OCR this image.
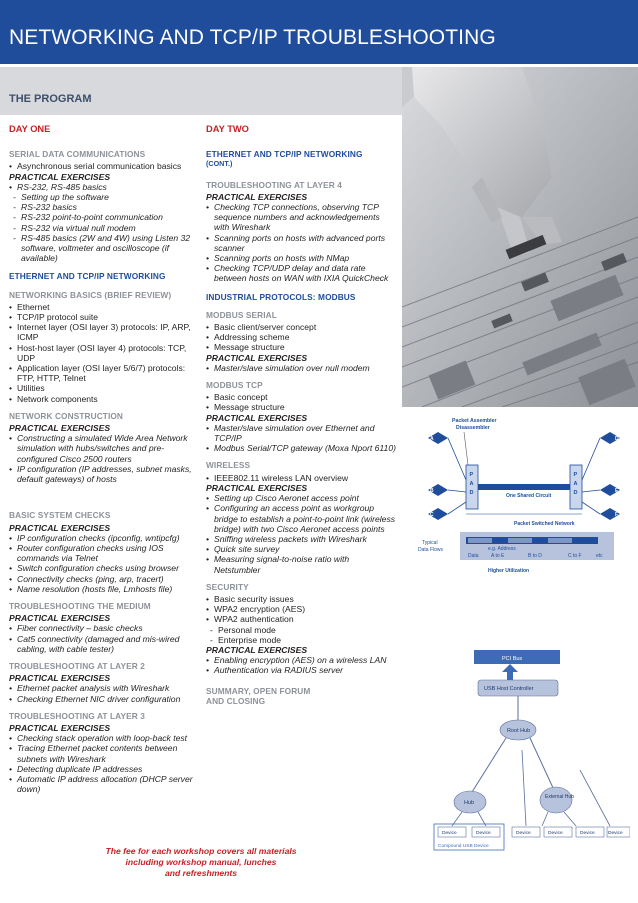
NETWORKING AND TCP/IP TROUBLESHOOTING
THE PROGRAM
DAY ONE
SERIAL DATA COMMUNICATIONS
• Asynchronous serial communication basics
PRACTICAL EXERCISES
• RS-232, RS-485 basics
- Setting up the software
- RS-232 basics
- RS-232 point-to-point communication
- RS-232 via virtual null modem
- RS-485 basics (2W and 4W) using Listen 32 software, voltmeter and oscilloscope (if available)
ETHERNET AND TCP/IP NETWORKING
NETWORKING BASICS (BRIEF REVIEW)
• Ethernet
• TCP/IP protocol suite
• Internet layer (OSI layer 3) protocols: IP, ARP, ICMP
• Host-host layer (OSI layer 4) protocols: TCP, UDP
• Application layer (OSI layer 5/6/7) protocols: FTP, HTTP, Telnet
• Utilities
• Network components
NETWORK CONSTRUCTION
PRACTICAL EXERCISES
• Constructing a simulated Wide Area Network simulation with hubs/switches and pre-configured Cisco 2500 routers
• IP configuration (IP addresses, subnet masks, default gateways) of hosts
BASIC SYSTEM CHECKS
PRACTICAL EXERCISES
• IP configuration checks (ipconfig, wntipcfg)
• Router configuration checks using IOS commands via Telnet
• Switch configuration checks using browser
• Connectivity checks (ping, arp, tracert)
• Name resolution (hosts file, Lmhosts file)
TROUBLESHOOTING THE MEDIUM
PRACTICAL EXERCISES
• Fiber connectivity – basic checks
• Cat5 connectivity (damaged and mis-wired cabling, with cable tester)
TROUBLESHOOTING AT LAYER 2
PRACTICAL EXERCISES
• Ethernet packet analysis with Wireshark
• Checking Ethernet NIC driver configuration
TROUBLESHOOTING AT LAYER 3
PRACTICAL EXERCISES
• Checking stack operation with loop-back test
• Tracing Ethernet packet contents between subnets with Wireshark
• Detecting duplicate IP addresses
• Automatic IP address allocation (DHCP server down)
DAY TWO
ETHERNET AND TCP/IP NETWORKING
(CONT.)
TROUBLESHOOTING AT LAYER 4
PRACTICAL EXERCISES
• Checking TCP connections, observing TCP sequence numbers and acknowledgements with Wireshark
• Scanning ports on hosts with advanced ports scanner
• Scanning ports on hosts with NMap
• Checking TCP/UDP delay and data rate between hosts on WAN with IXIA QuickCheck
INDUSTRIAL PROTOCOLS: MODBUS
MODBUS SERIAL
• Basic client/server concept
• Addressing scheme
• Message structure
PRACTICAL EXERCISES
• Master/slave simulation over null modem
MODBUS TCP
• Basic concept
• Message structure
PRACTICAL EXERCISES
• Master/slave simulation over Ethernet and TCP/IP
• Modbus Serial/TCP gateway (Moxa Nport 6110)
WIRELESS
• IEEE802.11 wireless LAN overview
PRACTICAL EXERCISES
• Setting up Cisco Aeronet access point
• Configuring an access point as workgroup bridge to establish a point-to-point link (wireless bridge) with two Cisco Aeronet access points
• Sniffing wireless packets with Wireshark
• Quick site survey
• Measuring signal-to-noise ratio with Netstumbler
SECURITY
• Basic security issues
• WPA2 encryption (AES)
• WPA2 authentication
- Personal mode
- Enterprise mode
PRACTICAL EXERCISES
• Enabling encryption (AES) on a wireless LAN
• Authentication via RADIUS server
SUMMARY, OPEN FORUM
AND CLOSING
The fee for each workshop covers all materials
including workshop manual, lunches
and refreshments
Packet Assembler
Disassembler
A
B
C
D
E
F
P
A
D
P
A
D
One Shared Circuit
Packet Switched Network
Typical
Data Flows	e.g. Address
Data A to E	B to D	C to F	etc
Higher Utilization
PCI Bus
USB Host Controller
Root Hub
Hub
External Hub
Device	Device	Device	Device	Device	Device
Compound USB Device
